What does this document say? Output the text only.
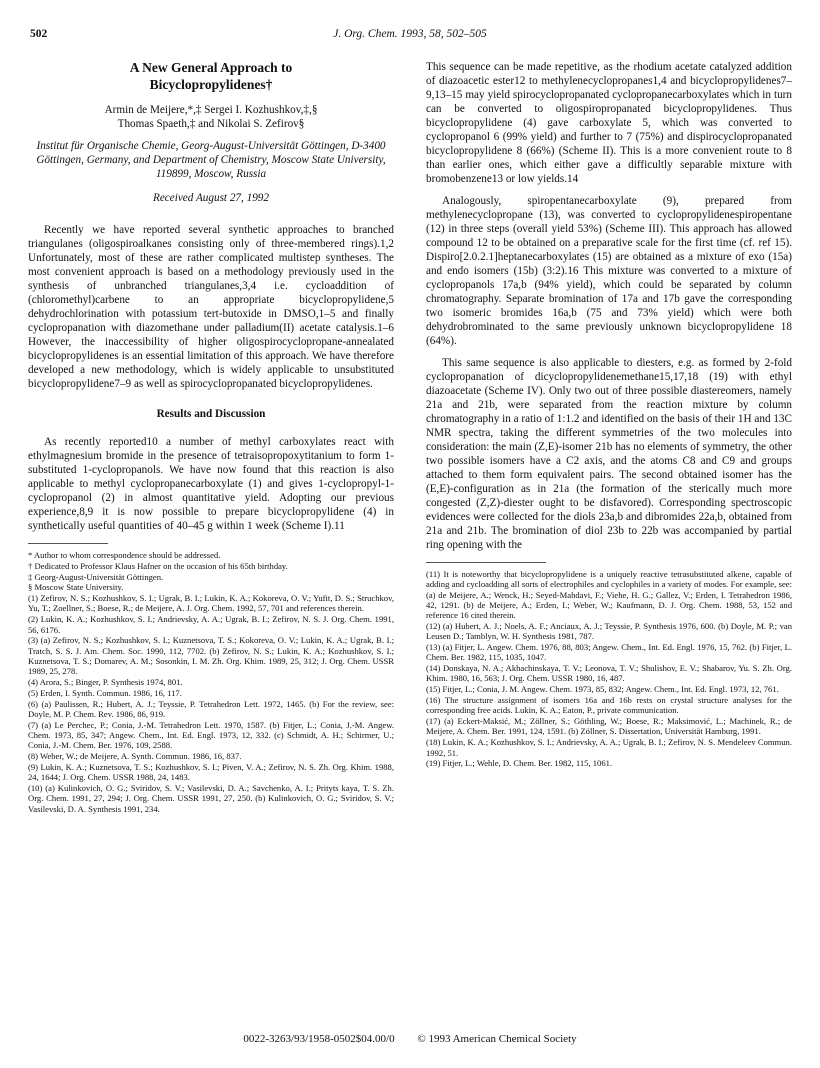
502	J. Org. Chem. 1993, 58, 502–505
A New General Approach to
Bicyclopropylidenes†
Armin de Meijere,*,‡ Sergei I. Kozhushkov,‡,§
Thomas Spaeth,‡ and Nikolai S. Zefirov§
Institut für Organische Chemie, Georg-August-Universität Göttingen, D-3400 Göttingen, Germany, and Department of Chemistry, Moscow State University, 119899, Moscow, Russia
Received August 27, 1992

Recently we have reported several synthetic approaches to branched triangulanes (oligospiroalkanes consisting only of three-membered rings).1,2 Unfortunately, most of these are rather complicated multistep syntheses. The most convenient approach is based on a methodology previously used in the synthesis of unbranched triangulanes,3,4 i.e. cycloaddition of (chloromethyl)carbene to an appropriate bicyclopropylidene,5 dehydrochlorination with potassium tert-butoxide in DMSO,1–5 and finally cyclopropanation with diazomethane under palladium(II) acetate catalysis.1–6 However, the inaccessibility of higher oligospirocyclopropane-annealated bicyclopropylidenes is an essential limitation of this approach. We have therefore developed a new methodology, which is widely applicable to unsubstituted bicyclopropylidene7–9 as well as spirocyclopropanated bicyclopropylidenes.

Results and Discussion

As recently reported10 a number of methyl carboxylates react with ethylmagnesium bromide in the presence of tetraisopropoxytitanium to form 1-substituted 1-cyclopropanols. We have now found that this reaction is also applicable to methyl cyclopropanecarboxylate (1) and gives 1-cyclopropyl-1-cyclopropanol (2) in almost quantitative yield. Adopting our previous experience,8,9 it is now possible to prepare bicyclopropylidene (4) in synthetically useful quantities of 40–45 g within 1 week (Scheme I).11

* Author to whom correspondence should be addressed.
† Dedicated to Professor Klaus Hafner on the occasion of his 65th birthday.
‡ Georg-August-Universität Göttingen.
§ Moscow State University.
(1) Zefirov, N. S.; Kozhushkov, S. I.; Ugrak, B. I.; Lukin, K. A.; Kokoreva, O. V.; Yufit, D. S.; Struchkov, Yu, T.; Zoellner, S.; Boese, R.; de Meijere, A. J. Org. Chem. 1992, 57, 701 and references therein.
(2) Lukin, K. A.; Kozhushkov, S. I.; Andrievsky, A. A.; Ugrak, B. I.; Zefirov, N. S. J. Org. Chem. 1991, 56, 6176.
(3) (a) Zefirov, N. S.; Kozhushkov, S. I.; Kuznetsova, T. S.; Kokoreva, O. V.; Lukin, K. A.; Ugrak, B. I.; Tratch, S. S. J. Am. Chem. Soc. 1990, 112, 7702. (b) Zefirov, N. S.; Lukin, K. A.; Kozhushkov, S. I.; Kuznetsova, T. S.; Domarev, A. M.; Sosonkin, I. M. Zh. Org. Khim. 1989, 25, 312; J. Org. Chem. USSR 1989, 25, 278.
(4) Arora, S.; Binger, P. Synthesis 1974, 801.
(5) Erden, I. Synth. Commun. 1986, 16, 117.
(6) (a) Paulissen, R.; Hubert, A. J.; Teyssie, P. Tetrahedron Lett. 1972, 1465. (b) For the review, see: Doyle, M. P. Chem. Rev. 1986, 86, 919.
(7) (a) Le Perchec, P.; Conia, J.-M. Tetrahedron Lett. 1970, 1587. (b) Fitjer, L.; Conia, J.-M. Angew. Chem. 1973, 85, 347; Angew. Chem., Int. Ed. Engl. 1973, 12, 332. (c) Schmidt, A. H.; Schirmer, U.; Conia, J.-M. Chem. Ber. 1976, 109, 2588.
(8) Weber, W.; de Meijere, A. Synth. Commun. 1986, 16, 837.
(9) Lukin, K. A.; Kuznetsova, T. S.; Kozhushkov, S. I.; Piven, V. A.; Zefirov, N. S. Zh. Org. Khim. 1988, 24, 1644; J. Org. Chem. USSR 1988, 24, 1483.
(10) (a) Kulinkovich, O. G.; Sviridov, S. V.; Vasilevski, D. A.; Savchenko, A. I.; Prityts kaya, T. S. Zh. Org. Chem. 1991, 27, 294; J. Org. Chem. USSR 1991, 27, 250. (b) Kulinkovich, O. G.; Sviridov, S. V.; Vasilevski, D. A. Synthesis 1991, 234.

This sequence can be made repetitive, as the rhodium acetate catalyzed addition of diazoacetic ester12 to methylenecyclopropanes1,4 and bicyclopropylidenes7–9,13–15 may yield spirocyclopropanated cyclopropanecarboxylates which in turn can be converted to oligospiropropanated bicyclopropylidenes. Thus bicyclopropylidene (4) gave carboxylate 5, which was converted to cyclopropanol 6 (99% yield) and further to 7 (75%) and dispirocyclopropanated bicyclopropylidene 8 (66%) (Scheme II). This is a more convenient route to 8 than earlier ones, which either gave a difficultly separable mixture with bromobenzene13 or low yields.14

Analogously, spiropentanecarboxylate (9), prepared from methylenecyclopropane (13), was converted to cyclopropylidenespiropentane (12) in three steps (overall yield 53%) (Scheme III). This approach has allowed compound 12 to be obtained on a preparative scale for the first time (cf. ref 15). Dispiro[2.0.2.1]heptanecarboxylates (15) are obtained as a mixture of exo (15a) and endo isomers (15b) (3:2).16 This mixture was converted to a mixture of cyclopropanols 17a,b (94% yield), which could be separated by column chromatography. Separate bromination of 17a and 17b gave the corresponding two isomeric bromides 16a,b (75 and 73% yield) which were both dehydrobrominated to the same previously unknown bicyclopropylidene 18 (64%).

This same sequence is also applicable to diesters, e.g. as formed by 2-fold cyclopropanation of dicyclopropylidenemethane15,17,18 (19) with ethyl diazoacetate (Scheme IV). Only two out of three possible diastereomers, namely 21a and 21b, were separated from the reaction mixture by column chromatography in a ratio of 1:1.2 and identified on the basis of their 1H and 13C NMR spectra, taking the different symmetries of the two molecules into consideration: the main (Z,E)-isomer 21b has no elements of symmetry, the other two possible isomers have a C2 axis, and the atoms C8 and C9 and groups attached to them form equivalent pairs. The second obtained isomer has the (E,E)-configuration as in 21a (the formation of the sterically much more congested (Z,Z)-diester ought to be disfavored). Corresponding spectroscopic evidences were collected for the diols 23a,b and dibromides 22a,b, obtained from 21a and 21b. The bromination of diol 23b to 22b was accompanied by partial ring opening with the

(11) It is noteworthy that bicyclopropylidene is a uniquely reactive tetrasubstituted alkene, capable of adding and cycloadding all sorts of electrophiles and cyclophiles in a variety of modes. For example, see: (a) de Meijere, A.; Wenck, H.; Seyed-Mahdavi, F.; Viehe, H. G.; Gallez, V.; Erden, I. Tetrahedron 1986, 42, 1291. (b) de Meijere, A.; Erden, I.; Weber, W.; Kaufmann, D. J. Org. Chem. 1988, 53, 152 and reference 16 cited therein.
(12) (a) Hubert, A. J.; Noels, A. F.; Anciaux, A. J.; Teyssie, P. Synthesis 1976, 600. (b) Doyle, M. P.; van Leusen D.; Tamblyn, W. H. Synthesis 1981, 787.
(13) (a) Fitjer, L. Angew. Chem. 1976, 88, 803; Angew. Chem., Int. Ed. Engl. 1976, 15, 762. (b) Fitjer, L. Chem. Ber. 1982, 115, 1035, 1047.
(14) Donskaya, N. A.; Akhachinskaya, T. V.; Leonova, T. V.; Shulishov, E. V.; Shabarov, Yu. S. Zh. Org. Khim. 1980, 16, 563; J. Org. Chem. USSR 1980, 16, 487.
(15) Fitjer, L.; Conia, J. M. Angew. Chem. 1973, 85, 832; Angew. Chem., Int. Ed. Engl. 1973, 12, 761.
(16) The structure assignment of isomers 16a and 16b rests on crystal structure analyses for the corresponding free acids. Lukin, K. A.; Eaton, P., private communication.
(17) (a) Eckert-Maksić, M.; Zöllner, S.; Göthling, W.; Boese, R.; Maksimović, L.; Machinek, R.; de Meijere, A. Chem. Ber. 1991, 124, 1591. (b) Zöllner, S. Dissertation, Universität Hamburg, 1991.
(18) Lukin, K. A.; Kozhushkov, S. I.; Andrievsky, A. A.; Ugrak, B. I.; Zefirov, N. S. Mendeleev Commun. 1992, 51.
(19) Fitjer, L.; Wehle, D. Chem. Ber. 1982, 115, 1061.
0022-3263/93/1958-0502$04.00/0 © 1993 American Chemical Society
